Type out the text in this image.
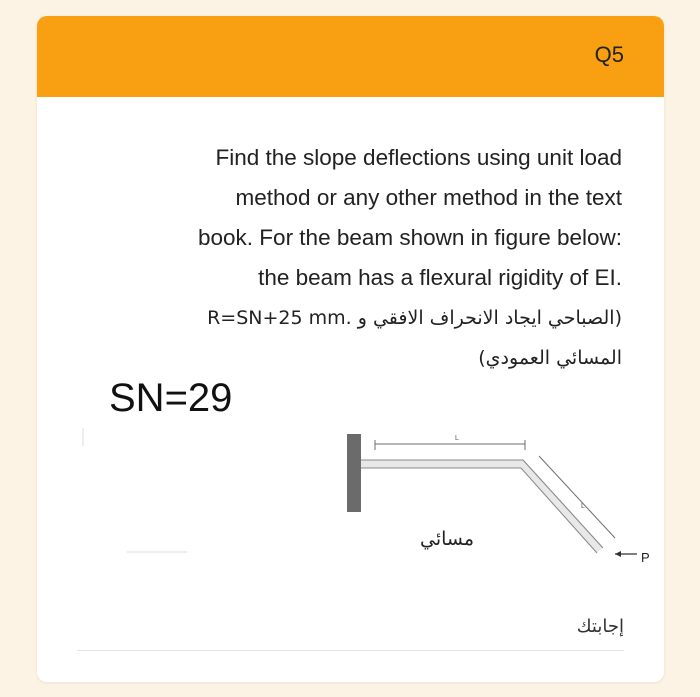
Q5
Find the slope deflections using unit load
method or any other method in the text
book. For the beam shown in figure below:
the beam has a flexural rigidity of EI.
(الصباحي ايجاد الانحراف الافقي و .R=SN+25 mm
المسائي العمودي)
SN=29
L
L
P
مسائي
إجابتك
